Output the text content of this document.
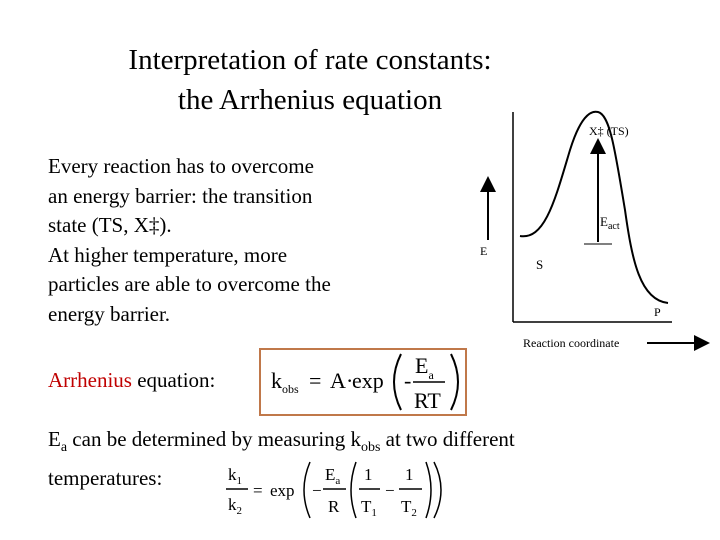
Interpretation of rate constants:
the Arrhenius equation
Every reaction has to overcome
an energy barrier: the transition
state (TS, X‡).
At higher temperature, more
particles are able to overcome the
energy barrier.
E
X‡ (TS)
$E_{act}$
S
P
Reaction coordinate
Arrhenius equation:	$k_{obs} = A$ ·
exp -
$E_a$
RT
$E_a$ can be determined by measuring $k_{obs}$ at two different
temperatures:	$k_1$
$k_2$
= exp −
$E_a$
R
1
$T_1$
−
1
$T_2$
